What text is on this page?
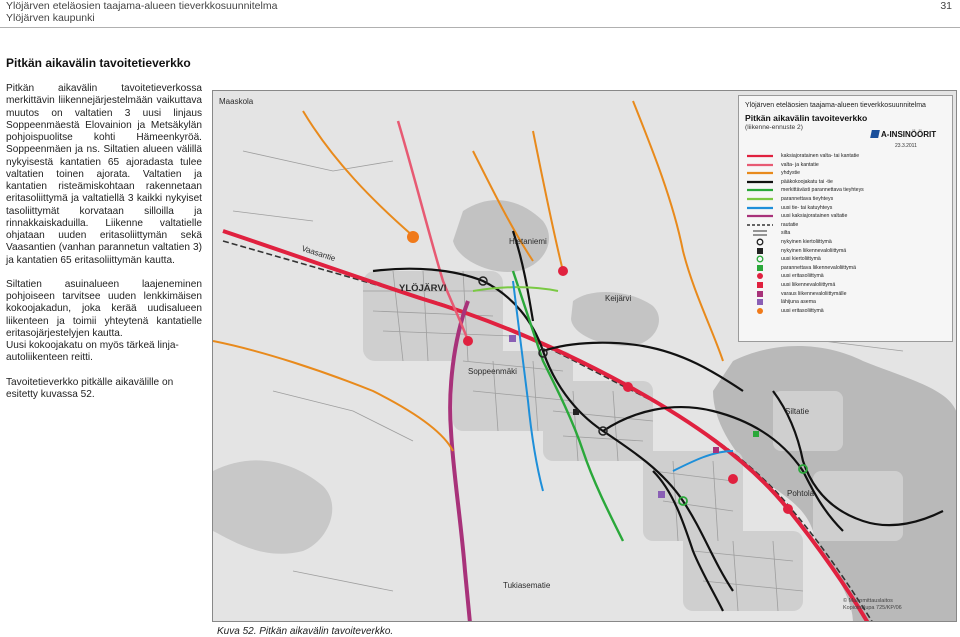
Ylöjärven eteläosien taajama-alueen tieverkkosuunnitelma
Ylöjärven kaupunki
31
Pitkän aikavälin tavoitetieverkko

Pitkän aikavälin tavoitetieverkossa merkittävin liikennejärjestelmään vaikuttava muutos on valtatien 3 uusi linjaus Soppeenmäestä Elovainion ja Metsäkylän pohjoispuolitse kohti Hämeenkyröä. Soppeenmäen ja ns. Siltatien alueen välillä nykyisestä kantatien 65 ajoradasta tulee valtatien toinen ajorata. Valtatien ja kantatien risteämiskohtaan rakennetaan eritasoliittymä ja valtatiellä 3 kaikki nykyiset tasoliittymät korvataan silloilla ja rinnakkaiskaduilla. Liikenne valtatielle ohjataan uuden eritasoliittymän sekä Vaasantien (vanhan parannetun valtatien 3) ja kantatien 65 eritasoliittymän kautta.

Siltatien asuinalueen laajeneminen pohjoiseen tarvitsee uuden lenkkimäisen kokoojakadun, joka kerää uudisalueen liikenteen ja toimii yhteytenä kantatielle eritasojärjestelyjen kautta.

Uusi kokoojakatu on myös tärkeä linja-autoliikenteen reitti.

Tavoitetieverkko pitkälle aikavälille on esitetty kuvassa 52.

YLÖJÄRVI
Soppeenmäki
Hietaniemi
Keijärvi
Siltatie
Pohtola
Tukiasematie
Maaskola
Vaasantie
Ylöjärven eteläosien taajama-alueen tieverkkosuunnitelma
Pitkän aikavälin tavoiteverkko
(liikenne-ennuste 2)
A-INSINÖÖRIT
23.3.2011
kaksiajoratainen valta- tai kantatie
valta- ja kantatie
yhdystie
pääkokoojakatu tai -tie
merkittävästi parannettava tieyhteys
parannettava tieyhteys
uusi tie- tai katuyhteys
uusi kaksiajoratainen valtatie
rautatie
silta
nykyinen kiertoliittymä
nykyinen liikennevaloliittymä
uusi kiertoliittymä
parannettava liikennevaloliittymä
uusi eritasoliittymä
uusi liikennevaloliittymä
varaus liikennevaloliittymälle
lähijuna asema
uusi eritasoliittymä
© Maanmittauslaitos
Kopiointilupa 725/KP/06
Kuva 52. Pitkän aikavälin tavoiteverkko.
